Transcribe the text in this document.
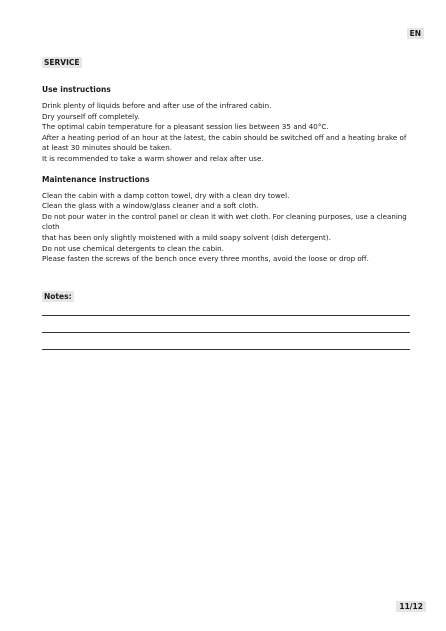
EN
SERVICE
Use instructions

Drink plenty of liquids before and after use of the infrared cabin.

Dry yourself off completely.

The optimal cabin temperature for a pleasant session lies between 35 and 40°C.

After a heating period of an hour at the latest, the cabin should be switched off and a heating brake of

at least 30 minutes should be taken.

It is recommended to take a warm shower and relax after use.

Maintenance instructions

Clean the cabin with a damp cotton towel, dry with a clean dry towel.

Clean the glass with a window/glass cleaner and a soft cloth.

Do not pour water in the control panel or clean it with wet cloth. For cleaning purposes, use a cleaning cloth

that has been only slightly moistened with a mild soapy solvent (dish detergent).

Do not use chemical detergents to clean the cabin.

Please fasten the screws of the bench once every three months, avoid the loose or drop off.

Notes:
11/12
